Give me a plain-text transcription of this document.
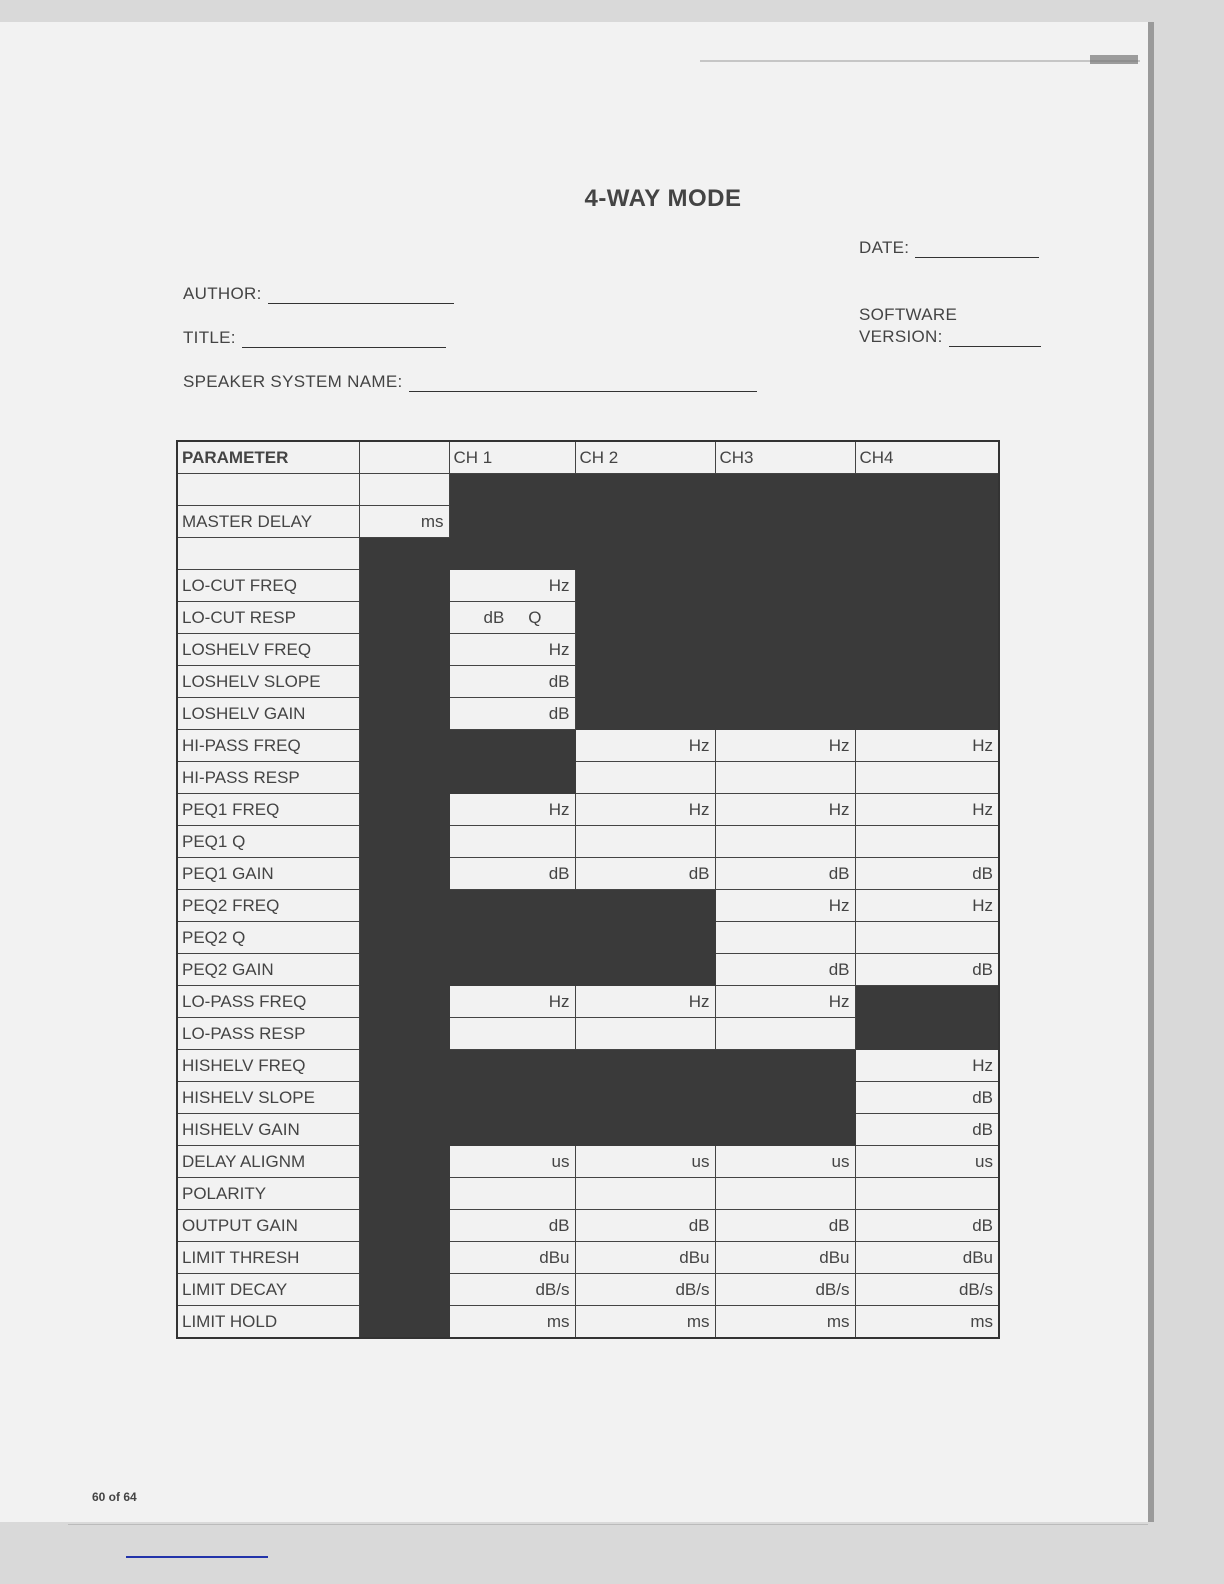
4-WAY MODE
DATE:
AUTHOR:
TITLE:
SOFTWARE
VERSION:
SPEAKER SYSTEM NAME:
PARAMETER		CH 1	CH 2	CH3	CH4

MASTER DELAY	ms				

LO-CUT FREQ		Hz			
LO-CUT RESP		dB Q			

LOSHELV FREQ		Hz			
LOSHELV SLOPE		dB			
LOSHELV GAIN		dB			
HI-PASS FREQ			Hz	Hz	Hz
HI-PASS RESP					
PEQ1 FREQ		Hz	Hz	Hz	Hz
PEQ1 Q					
PEQ1 GAIN		dB	dB	dB	dB
PEQ2 FREQ				Hz	Hz
PEQ2 Q					
PEQ2 GAIN				dB	dB
LO-PASS FREQ		Hz	Hz	Hz	
LO-PASS RESP					
HISHELV FREQ					Hz
HISHELV SLOPE					dB
HISHELV GAIN					dB
DELAY ALIGNM		us	us	us	us
POLARITY					
OUTPUT GAIN		dB	dB	dB	dB
LIMIT THRESH		dBu	dBu	dBu	dBu
LIMIT DECAY		dB/s	dB/s	dB/s	dB/s
LIMIT HOLD		ms	ms	ms	ms
60 of 64
